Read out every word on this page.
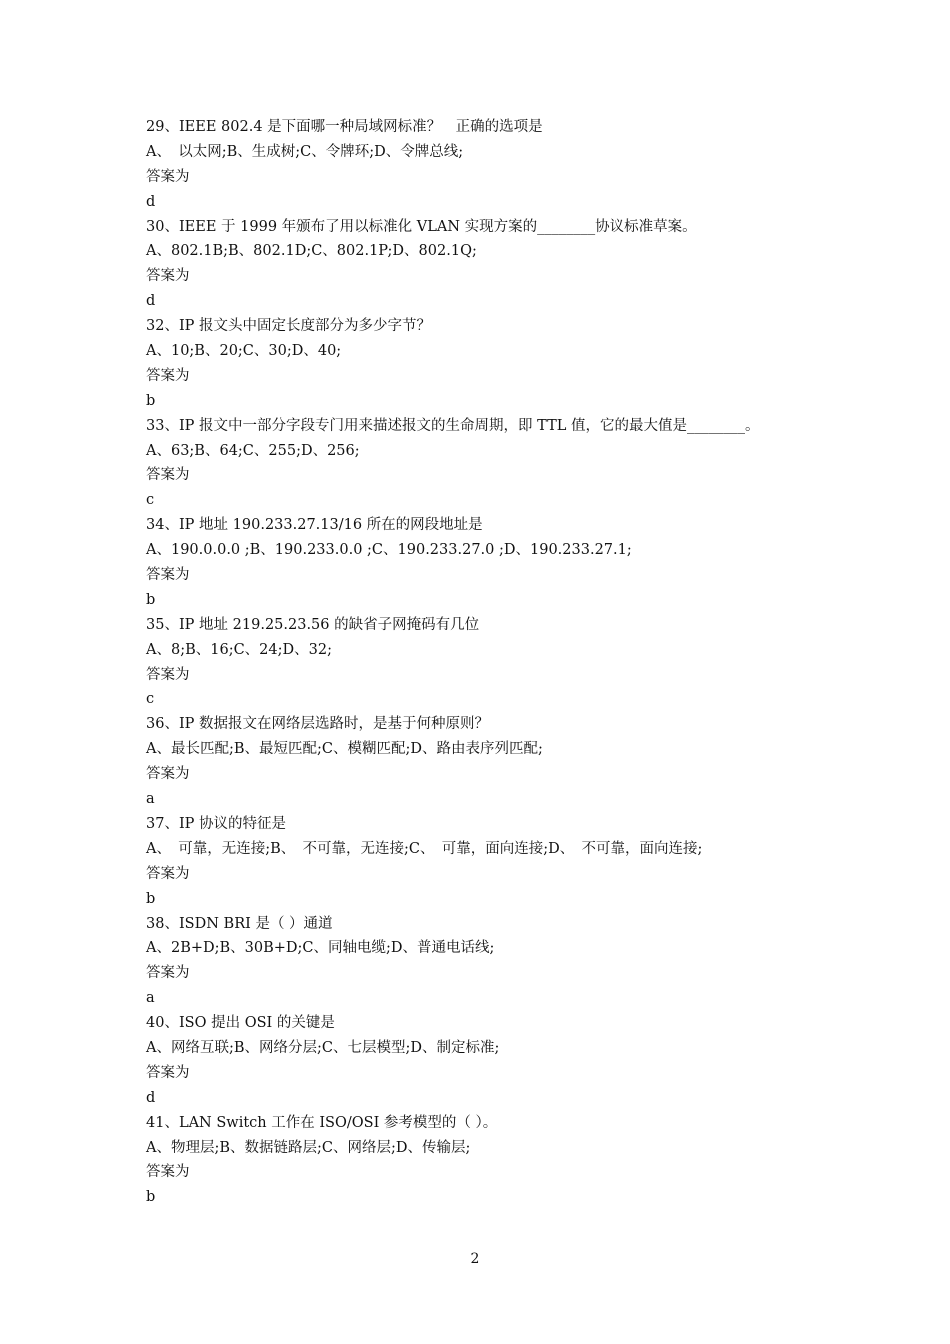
29、IEEE 802.4 是下面哪一种局域网标准？　正确的选项是
A、　以太网;B、生成树;C、令牌环;D、令牌总线;
答案为
d
30、IEEE 于 1999 年颁布了用以标准化 VLAN 实现方案的________协议标准草案。
A、802.1B;B、802.1D;C、802.1P;D、802.1Q;
答案为
d
32、IP 报文头中固定长度部分为多少字节？
A、10;B、20;C、30;D、40;
答案为
b
33、IP 报文中一部分字段专门用来描述报文的生命周期，即 TTL 值，它的最大值是________。
A、63;B、64;C、255;D、256;
答案为
c
34、IP 地址 190.233.27.13/16 所在的网段地址是
A、190.0.0.0 ;B、190.233.0.0 ;C、190.233.27.0 ;D、190.233.27.1;
答案为
b
35、IP 地址 219.25.23.56 的缺省子网掩码有几位
A、8;B、16;C、24;D、32;
答案为
c
36、IP 数据报文在网络层选路时，是基于何种原则？
A、最长匹配;B、最短匹配;C、模糊匹配;D、路由表序列匹配;
答案为
a
37、IP 协议的特征是
A、　可靠，无连接;B、　不可靠，无连接;C、　可靠，面向连接;D、　不可靠，面向连接;
答案为
b
38、ISDN BRI 是（ ）通道
A、2B+D;B、30B+D;C、同轴电缆;D、普通电话线;
答案为
a
40、ISO 提出 OSI 的关键是
A、网络互联;B、网络分层;C、七层模型;D、制定标准;
答案为
d
41、LAN Switch 工作在 ISO/OSI 参考模型的（ ）。
A、物理层;B、数据链路层;C、网络层;D、传输层;
答案为
b
2
